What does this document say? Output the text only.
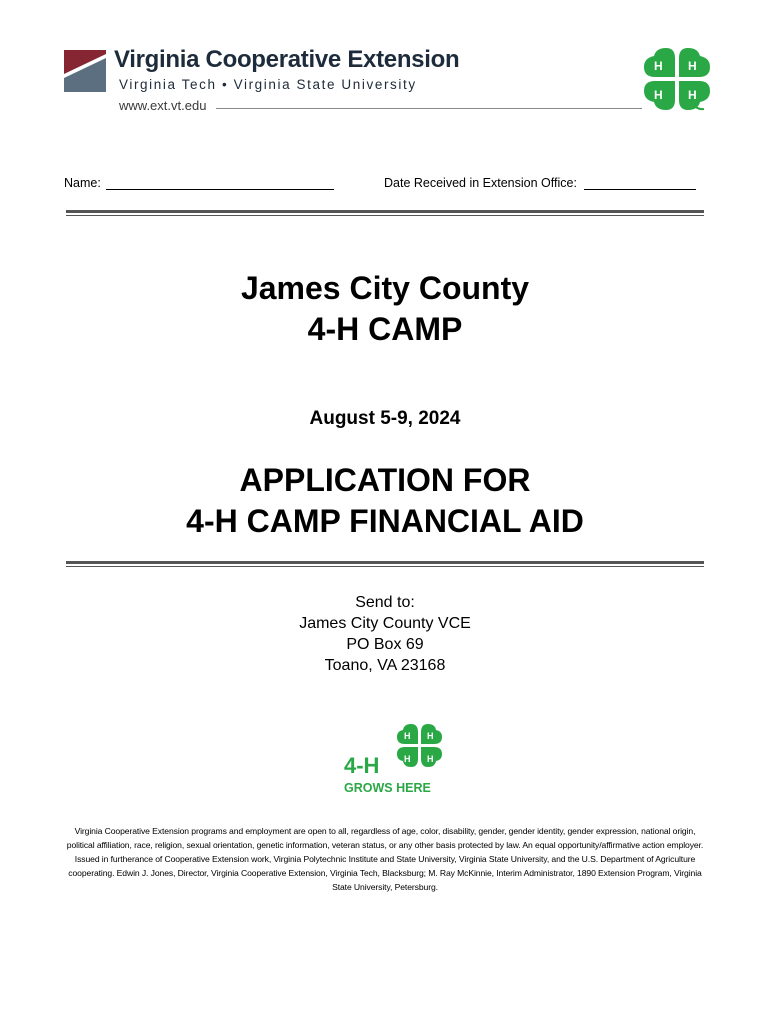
Virginia Cooperative Extension
Virginia Tech • Virginia State University
www.ext.vt.edu
H H
H H
Name:	Date Received in Extension Office:
James City County
4-H CAMP
August 5-9, 2024
APPLICATION FOR
4-H CAMP FINANCIAL AID
Send to:
James City County VCE
PO Box 69
Toano, VA 23168
H H
H H
4-H
GROWS HERE
Virginia Cooperative Extension programs and employment are open to all, regardless of age, color, disability, gender, gender identity, gender expression, national origin, political affiliation, race, religion, sexual orientation, genetic information, veteran status, or any other basis protected by law. An equal opportunity/affirmative action employer. Issued in furtherance of Cooperative Extension work, Virginia Polytechnic Institute and State University, Virginia State University, and the U.S. Department of Agriculture cooperating. Edwin J. Jones, Director, Virginia Cooperative Extension, Virginia Tech, Blacksburg; M. Ray McKinnie, Interim Administrator, 1890 Extension Program, Virginia State University, Petersburg.
